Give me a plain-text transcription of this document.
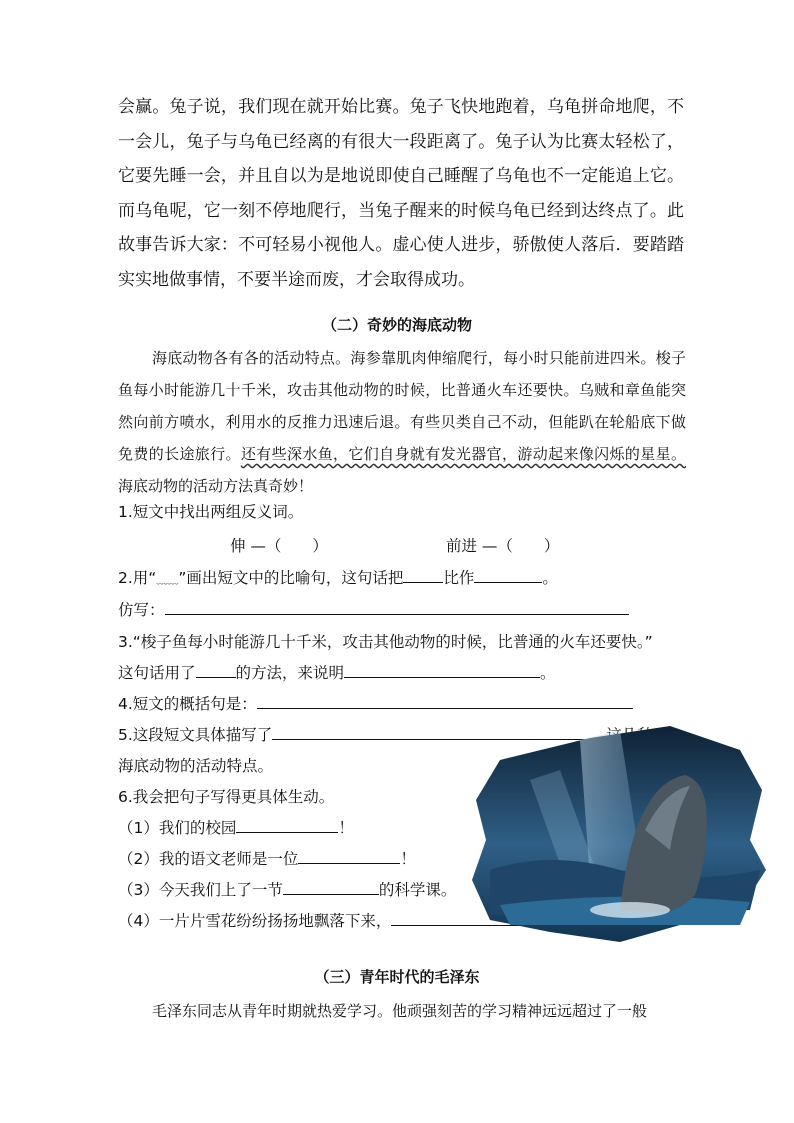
会赢。兔子说，我们现在就开始比赛。兔子飞快地跑着，乌龟拼命地爬，不一会儿，兔子与乌龟已经离的有很大一段距离了。兔子认为比赛太轻松了，它要先睡一会，并且自以为是地说即使自己睡醒了乌龟也不一定能追上它。而乌龟呢，它一刻不停地爬行，当兔子醒来的时候乌龟已经到达终点了。此故事告诉大家：不可轻易小视他人。虚心使人进步，骄傲使人落后．要踏踏实实地做事情，不要半途而废，才会取得成功。
（二）奇妙的海底动物
海底动物各有各的活动特点。海参靠肌肉伸缩爬行，每小时只能前进四米。梭子鱼每小时能游几十千米，攻击其他动物的时候，比普通火车还要快。乌贼和章鱼能突然向前方喷水，利用水的反推力迅速后退。有些贝类自己不动，但能趴在轮船底下做免费的长途旅行。还有些深水鱼，它们自身就有发光器官，游动起来像闪烁的星星。海底动物的活动方法真奇妙！
1.短文中找出两组反义词。
伸 —（　　）	前进 —（　　）
2.用“﹏﹏”画出短文中的比喻句，这句话把	比作	。
仿写：
3.“梭子鱼每小时能游几十千米，攻击其他动物的时候，比普通的火车还要快。”
这句话用了	的方法，来说明	。
4.短文的概括句是：
5.这段短文具体描写了
海底动物的活动特点。
6.我会把句子写得更具体生动。
（1）我们的校园	！
（2）我的语文老师是一位	！
（3）今天我们上了一节	的科学课。
（4）一片片雪花纷纷扬扬地飘落下来，
（三）青年时代的毛泽东
毛泽东同志从青年时期就热爱学习。他顽强刻苦的学习精神远远超过了一般
